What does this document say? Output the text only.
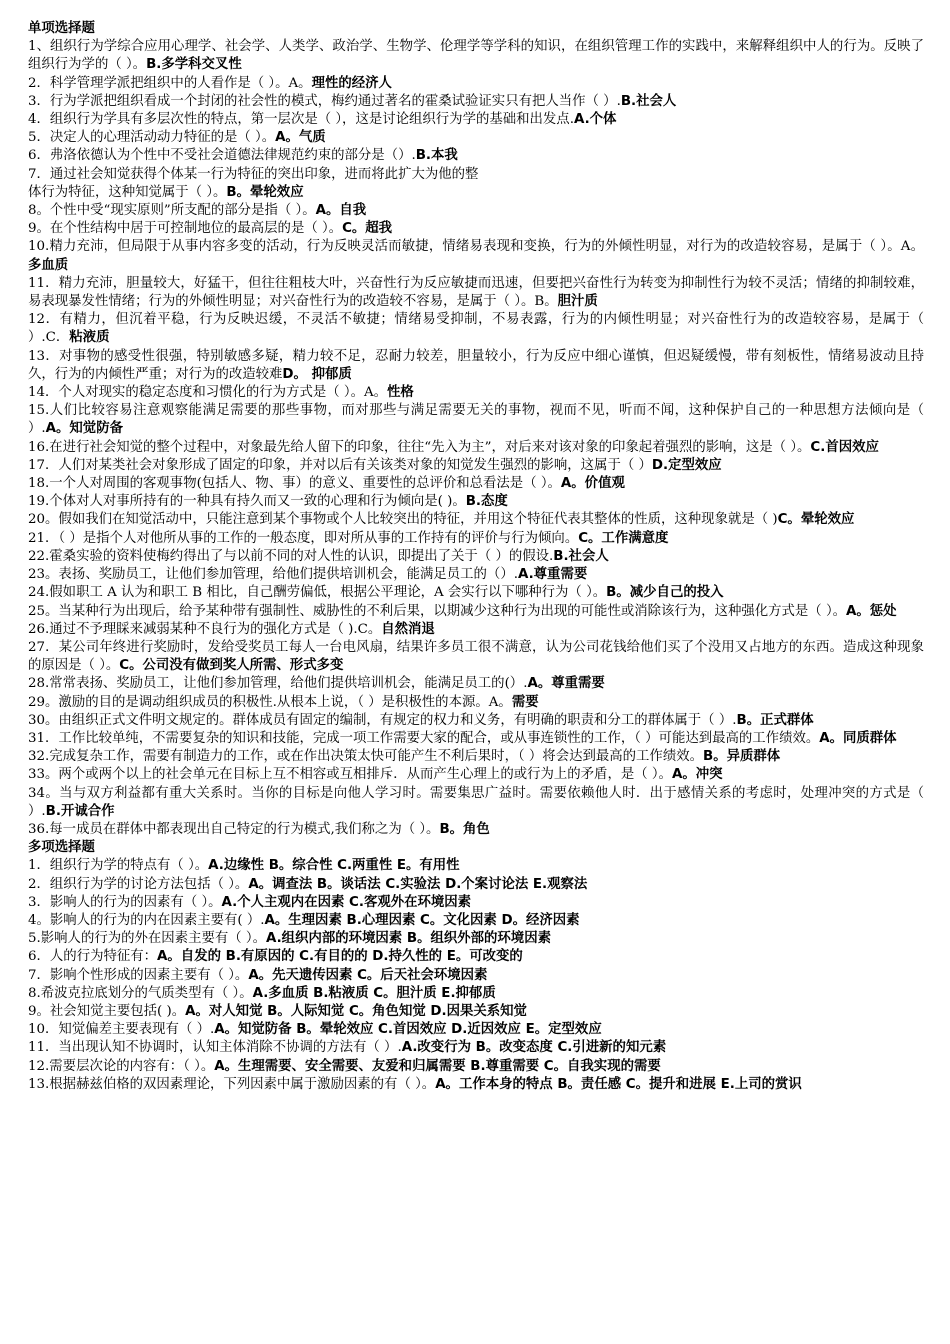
单项选择题

1、组织行为学综合应用心理学、社会学、人类学、政治学、生物学、伦理学等学科的知识，在组织管理工作的实践中，来解释组织中人的行为。反映了组织行为学的（ ）。B.多学科交叉性

2．科学管理学派把组织中的人看作是（ ）。A。理性的经济人

3．行为学派把组织看成一个封闭的社会性的模式，梅约通过著名的霍桑试验证实只有把人当作（ ）.B.社会人

4．组织行为学具有多层次性的特点，第一层次是（ ），这是讨论组织行为学的基础和出发点.A.个体

5．决定人的心理活动动力特征的是（ ）。A。气质

6．弗洛依德认为个性中不受社会道德法律规范约束的部分是（）.B.本我

7．通过社会知觉获得个体某一行为特征的突出印象，进而将此扩大为他的整
体行为特征，这种知觉属于（ ）。B。晕轮效应

8。个性中受“现实原则”所支配的部分是指（ ）。A。自我

9。在个性结构中居于可控制地位的最高层的是（ ）。C。超我

10.精力充沛，但局限于从事内容多变的活动，行为反映灵活而敏捷，情绪易表现和变换，行为的外倾性明显，对行为的改造较容易，是属于（ ）。A。多血质

11．精力充沛，胆量较大，好猛干，但往往粗枝大叶，兴奋性行为反应敏捷而迅速，但要把兴奋性行为转变为抑制性行为较不灵活；情绪的抑制较难，易表现暴发性情绪；行为的外倾性明显；对兴奋性行为的改造较不容易，是属于（ ）。B。胆汁质

12．有精力，但沉着平稳，行为反映迟缓，不灵活不敏捷；情绪易受抑制，不易表露，行为的内倾性明显；对兴奋性行为的改造较容易，是属于（ ）.C．粘液质

13．对事物的感受性很强，特别敏感多疑，精力较不足，忍耐力较差，胆量较小，行为反应中细心谨慎，但迟疑缓慢，带有刻板性，情绪易波动且持久，行为的内倾性严重；对行为的改造较难D。 抑郁质

14．个人对现实的稳定态度和习惯化的行为方式是（ ）。A。性格

15.人们比较容易注意观察能满足需要的那些事物，而对那些与满足需要无关的事物，视而不见，听而不闻，这种保护自己的一种思想方法倾向是（ ）.A。知觉防备

16.在进行社会知觉的整个过程中，对象最先给人留下的印象，往往“先入为主”，对后来对该对象的印象起着强烈的影响，这是（ ）。C.首因效应

17．人们对某类社会对象形成了固定的印象，并对以后有关该类对象的知觉发生强烈的影响，这属于（ ）D.定型效应

18.一个人对周围的客观事物(包括人、物、事）的意义、重要性的总评价和总看法是（ ）。A。价值观

19.个体对人对事所持有的一种具有持久而又一致的心理和行为倾向是( )。B.态度

20。假如我们在知觉活动中，只能注意到某个事物或个人比较突出的特征，并用这个特征代表其整体的性质，这种现象就是（ )C。晕轮效应

21．（ ）是指个人对他所从事的工作的一般态度，即对所从事的工作持有的评价与行为倾向。C。工作满意度

22.霍桑实验的资料使梅约得出了与以前不同的对人性的认识，即提出了关于（ ）的假设.B.社会人

23。表扬、奖励员工，让他们参加管理，给他们提供培训机会，能满足员工的（）.A.尊重需要

24.假如职工 A 认为和职工 B 相比，自己酬劳偏低，根据公平理论，A 会实行以下哪种行为（ ）。B。减少自己的投入

25。当某种行为出现后，给予某种带有强制性、威胁性的不利后果，以期减少这种行为出现的可能性或消除该行为，这种强化方式是（ ）。A。惩处

26.通过不予理睬来减弱某种不良行为的强化方式是（ ).C。自然消退

27．某公司年终进行奖励时，发给受奖员工每人一台电风扇，结果许多员工很不满意，认为公司花钱给他们买了个没用又占地方的东西。造成这种现象的原因是（ ）。C。公司没有做到奖人所需、形式多变

28.常常表扬、奖励员工，让他们参加管理，给他们提供培训机会，能满足员工的(）.A。尊重需要

29。激励的目的是调动组织成员的积极性.从根本上说，（ ）是积极性的本源。A。需要

30。由组织正式文件明文规定的。群体成员有固定的编制，有规定的权力和义务，有明确的职责和分工的群体属于（ ）.B。正式群体

31．工作比较单纯，不需要复杂的知识和技能，完成一项工作需要大家的配合，或从事连锁性的工作，（ ）可能达到最高的工作绩效。A。同质群体

32.完成复杂工作，需要有制造力的工作，或在作出决策太快可能产生不利后果时，（ ）将会达到最高的工作绩效。B。异质群体

33。两个或两个以上的社会单元在目标上互不相容或互相排斥．从而产生心理上的或行为上的矛盾，是（ ）。A。冲突

34。当与双方利益都有重大关系时。当你的目标是向他人学习时。需要集思广益时。需要依赖他人时．出于感情关系的考虑时，处理冲突的方式是（ ）.B.开诚合作

36.每一成员在群体中都表现出自己特定的行为模式,我们称之为（ ）。B。角色

多项选择题

1．组织行为学的特点有（ ）。A.边缘性 B。综合性 C.两重性 E。有用性

2．组织行为学的讨论方法包括（ ）。A。调查法 B。谈话法 C.实验法 D.个案讨论法 E.观察法

3．影响人的行为的因素有（ ）。A.个人主观内在因素 C.客观外在环境因素

4。影响人的行为的内在因素主要有( ）.A。生理因素 B.心理因素 C。文化因素 D。经济因素

5.影响人的行为的外在因素主要有（ ）。A.组织内部的环境因素 B。组织外部的环境因素

6．人的行为特征有：A。自发的 B.有原因的 C.有目的的 D.持久性的 E。可改变的

7．影响个性形成的因素主要有（ ）。A。先天遗传因素 C。后天社会环境因素

8.希波克拉底划分的气质类型有（ ）。A.多血质 B.粘液质 C。胆汁质 E.抑郁质

9。社会知觉主要包括( )。A。对人知觉 B。人际知觉 C。角色知觉 D.因果关系知觉

10．知觉偏差主要表现有（ ）.A。知觉防备 B。晕轮效应 C.首因效应 D.近因效应 E。定型效应

11．当出现认知不协调时，认知主体消除不协调的方法有（ ）.A.改变行为 B。改变态度 C.引进新的知元素

12.需要层次论的内容有：（ ）。A。生理需要、安全需要、友爱和归属需要 B.尊重需要 C。自我实现的需要

13.根据赫兹伯格的双因素理论，下列因素中属于激励因素的有（ ）。A。工作本身的特点 B。责任感 C。提升和进展 E.上司的赏识
